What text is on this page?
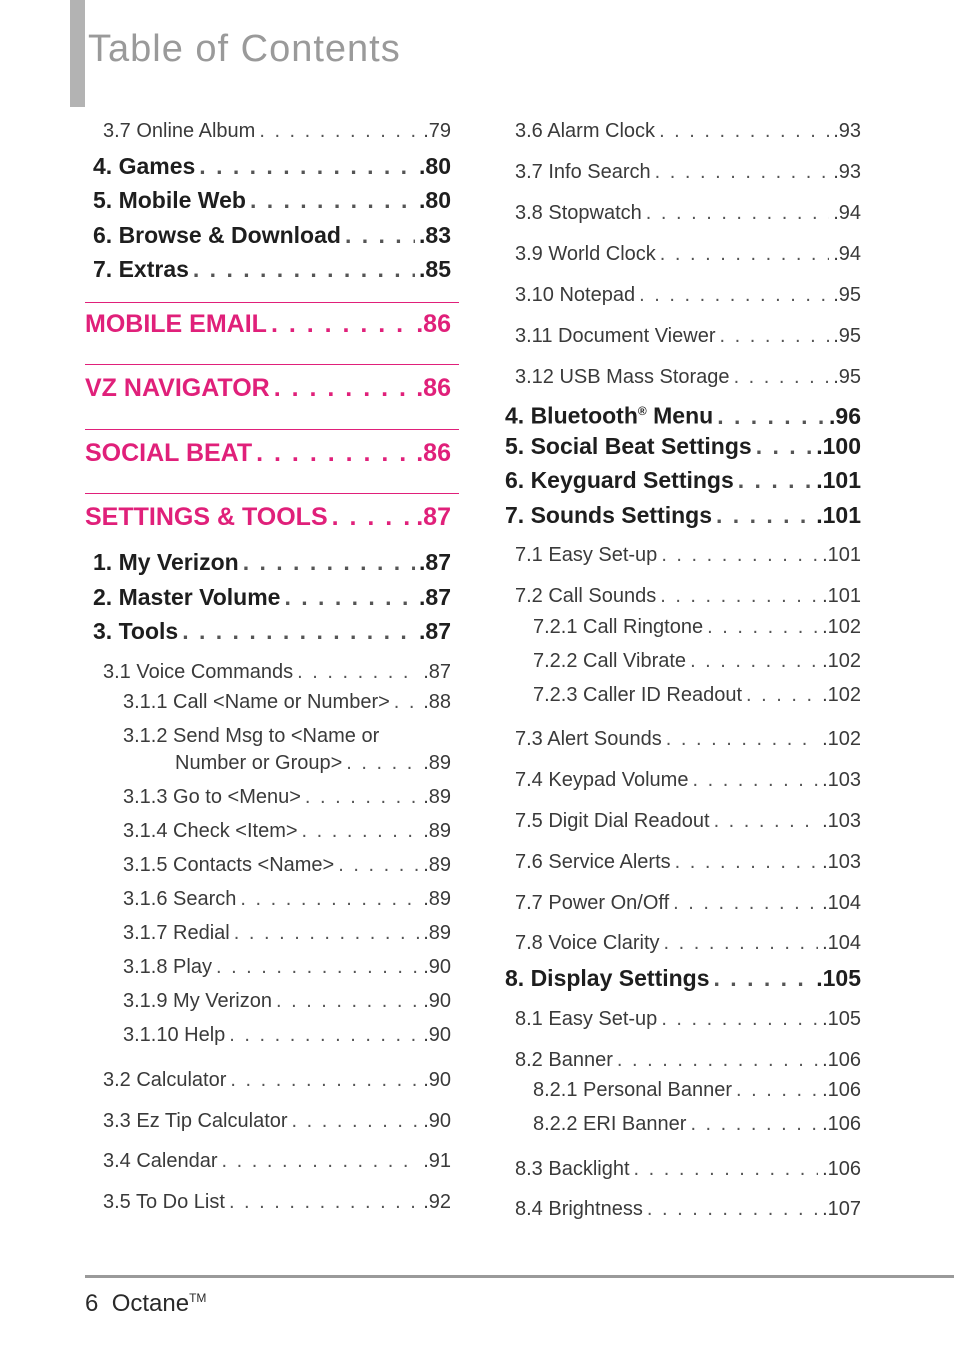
Table of Contents
3.7 Online Album . . .	.79
4. Games . . .	.80
5. Mobile Web . . .	.80
6. Browse & Download . . .	.83
7. Extras . . .	.85
MOBILE EMAIL . . .	.86
VZ NAVIGATOR . . .	.86
SOCIAL BEAT . . .	.86
SETTINGS & TOOLS . . .	.87
1. My Verizon . . .	.87
2. Master Volume . . .	.87
3. Tools . . .	.87
3.1 Voice Commands . . .	.87
3.1.1 Call <Name or Number> . . . .88
3.1.2 Send Msg to <Name or
Number or Group> . . .	.89
3.1.3 Go to <Menu> . . .	.89
3.1.4 Check <Item> . . .	.89
3.1.5 Contacts <Name> . . .	.89
3.1.6 Search . . .	.89
3.1.7 Redial . . .	.89
3.1.8 Play . . .	.90
3.1.9 My Verizon . . .	.90
3.1.10 Help . . .	.90
3.2 Calculator . . .	.90
3.3 Ez Tip Calculator . . .	.90
3.4 Calendar . . .	.91
3.5 To Do List . . .	.92
3.6 Alarm Clock . . .	.93
3.7 Info Search . . .	.93
3.8 Stopwatch . . .	.94
3.9 World Clock . . .	.94
3.10 Notepad . . .	.95
3.11 Document Viewer . . .	.95
3.12 USB Mass Storage . . .	.95
4. Bluetooth® Menu . . .	.96
5. Social Beat Settings . . .	.100
6. Keyguard Settings . . .	.101
7. Sounds Settings . . .	.101
7.1 Easy Set-up . . .	.101
7.2 Call Sounds . . .	.101
7.2.1 Call Ringtone . . .	.102
7.2.2 Call Vibrate . . .	.102
7.2.3 Caller ID Readout . . .	.102
7.3 Alert Sounds . . .	.102
7.4 Keypad Volume . . .	.103
7.5 Digit Dial Readout . . .	.103
7.6 Service Alerts . . .	.103
7.7 Power On/Off . . .	.104
7.8 Voice Clarity . . .	.104
8. Display Settings . . .	.105
8.1 Easy Set-up . . .	.105
8.2 Banner . . .	.106
8.2.1 Personal Banner . . .	.106
8.2.2 ERI Banner . . .	.106
8.3 Backlight . . .	.106
8.4 Brightness . . .	.107
6 Octane™
